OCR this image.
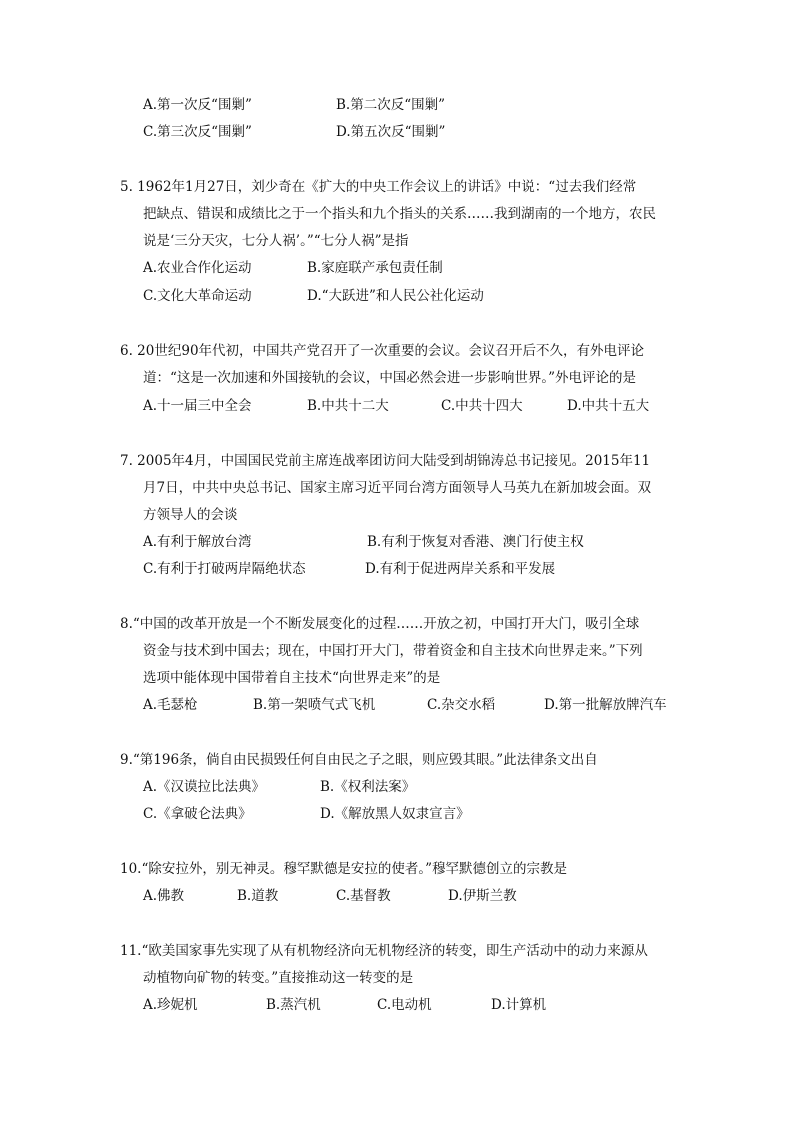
A.第一次反“围剿”	B.第二次反“围剿”
C.第三次反“围剿”	D.第五次反“围剿”
5. 1962年1月27日，刘少奇在《扩大的中央工作会议上的讲话》中说：“过去我们经常
把缺点、错误和成绩比之于一个指头和九个指头的关系……我到湖南的一个地方，农民
说是‘三分天灾，七分人祸’。”“七分人祸”是指
A.农业合作化运动	B.家庭联产承包责任制
C.文化大革命运动	D.“大跃进”和人民公社化运动
6. 20世纪90年代初，中国共产党召开了一次重要的会议。会议召开后不久，有外电评论
道：“这是一次加速和外国接轨的会议，中国必然会进一步影响世界。”外电评论的是
A.十一届三中全会	B.中共十二大	C.中共十四大	D.中共十五大
7. 2005年4月，中国国民党前主席连战率团访问大陆受到胡锦涛总书记接见。2015年11
月7日，中共中央总书记、国家主席习近平同台湾方面领导人马英九在新加坡会面。双
方领导人的会谈
A.有利于解放台湾	B.有利于恢复对香港、澳门行使主权
C.有利于打破两岸隔绝状态	D.有利于促进两岸关系和平发展
8.“中国的改革开放是一个不断发展变化的过程……开放之初，中国打开大门，吸引全球
资金与技术到中国去；现在，中国打开大门，带着资金和自主技术向世界走来。”下列
选项中能体现中国带着自主技术“向世界走来”的是
A.毛瑟枪	B.第一架喷气式飞机	C.杂交水稻	D.第一批解放牌汽车
9.“第196条，倘自由民损毁任何自由民之子之眼，则应毁其眼。”此法律条文出自
A.《汉谟拉比法典》	B.《权利法案》
C.《拿破仑法典》	D.《解放黑人奴隶宣言》
10.“除安拉外，别无神灵。穆罕默德是安拉的使者。”穆罕默德创立的宗教是
A.佛教	B.道教	C.基督教	D.伊斯兰教
11.“欧美国家事先实现了从有机物经济向无机物经济的转变，即生产活动中的动力来源从
动植物向矿物的转变。”直接推动这一转变的是
A.珍妮机	B.蒸汽机	C.电动机	D.计算机
